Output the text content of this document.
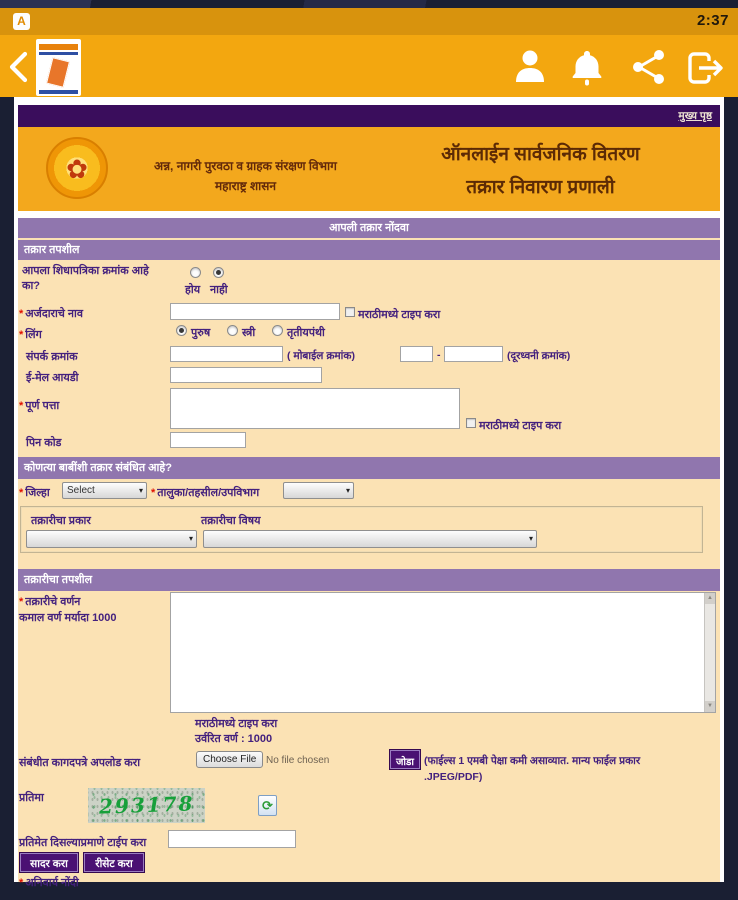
A	2:37
मुख्य पृष्ठ
✿	अन्न, नागरी पुरवठा व ग्राहक संरक्षण विभाग
महाराष्ट्र शासन
ऑनलाईन सार्वजनिक वितरण
तक्रार निवारण प्रणाली
आपली तक्रार नोंदवा
तक्रार तपशील
आपला शिधापत्रिका क्रमांक आहे
का?	होय नाही
* अर्जदाराचे नाव	मराठीमध्ये टाइप करा
* लिंग	पुरुष	स्त्री	तृतीयपंथी
संपर्क क्रमांक	( मोबाईल क्रमांक)	-	(दूरध्वनी क्रमांक)
ई-मेल आयडी
* पूर्ण पत्ता
मराठीमध्ये टाइप करा
पिन कोड
कोणत्या बाबींशी तक्रार संबंधित आहे?
* जिल्हा	Select	▾ * तालुका/तहसील/उपविभाग	▾
तक्रारीचा प्रकार	तक्रारीचा विषय
▾	▾
तक्रारीचा तपशील
* तक्रारीचे वर्णन
कमाल वर्ण मर्यादा 1000
▲
▼
मराठीमध्ये टाइप करा
उर्वरित वर्ण : 1000
संबंधीत कागदपत्रे अपलोड करा	Choose File No file chosen	जोडा (फाईल्स 1 एमबी पेक्षा कमी असाव्यात. मान्य फाईल प्रकार
.JPEG/PDF)
प्रतिमा	293178	⟳
प्रतिमेत दिसल्याप्रमाणे टाईप करा
सादर करा	रीसेट करा
* अनिवार्य नोंदी
